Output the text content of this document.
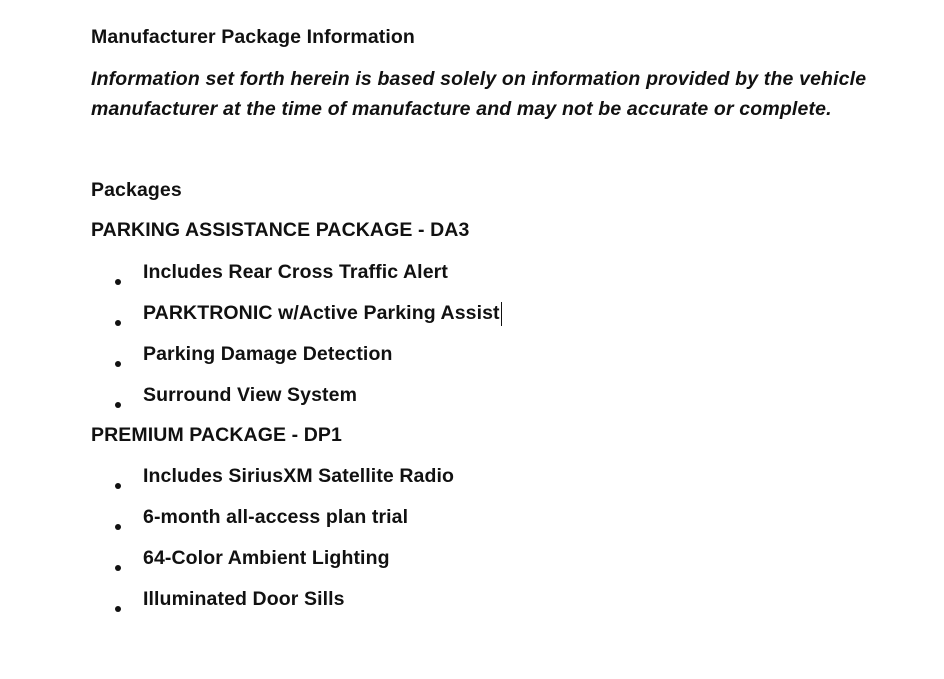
Manufacturer Package Information
Information set forth herein is based solely on information provided by the vehicle manufacturer at the time of manufacture and may not be accurate or complete.
Packages
PARKING ASSISTANCE PACKAGE - DA3
Includes Rear Cross Traffic Alert
PARKTRONIC w/Active Parking Assist
Parking Damage Detection
Surround View System
PREMIUM PACKAGE - DP1
Includes SiriusXM Satellite Radio
6-month all-access plan trial
64-Color Ambient Lighting
Illuminated Door Sills
